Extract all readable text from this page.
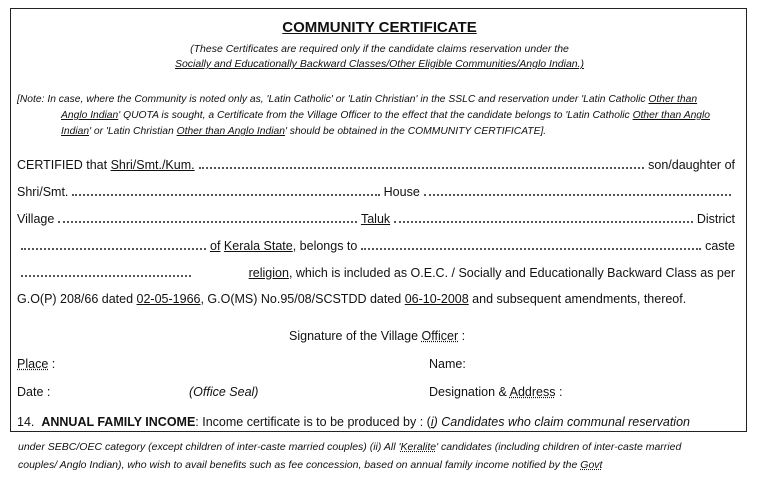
COMMUNITY CERTIFICATE
(These Certificates are required only if the candidate claims reservation under the
Socially and Educationally Backward Classes/Other Eligible Communities/Anglo Indian.)
[Note: In case, where the Community is noted only as, 'Latin Catholic' or 'Latin Christian' in the SSLC and reservation under 'Latin Catholic Other than
Anglo Indian' QUOTA is sought, a Certificate from the Village Officer to the effect that the candidate belongs to 'Latin Catholic Other than Anglo
Indian' or 'Latin Christian Other than Anglo Indian' should be obtained in the COMMUNITY CERTIFICATE].
CERTIFIED that Shri/Smt./Kum.	son/daughter of
Shri/Smt.	House
Village	Taluk	District
of Kerala State, belongs to	caste
religion, which is included as O.E.C. / Socially and Educationally Backward Class as per
G.O(P) 208/66 dated 02-05-1966, G.O(MS) No.95/08/SCSTDD dated 06-10-2008 and subsequent amendments, thereof.
Signature of the Village Officer :
Place :	Name:
Date :	(Office Seal)	Designation & Address :
14. ANNUAL FAMILY INCOME: Income certificate is to be produced by : (i) Candidates who claim communal reservation
under SEBC/OEC category (except children of inter-caste married couples) (ii) All 'Keralite' candidates (including children of inter-caste married
couples/ Anglo Indian), who wish to avail benefits such as fee concession, based on annual family income notified by the Govt
